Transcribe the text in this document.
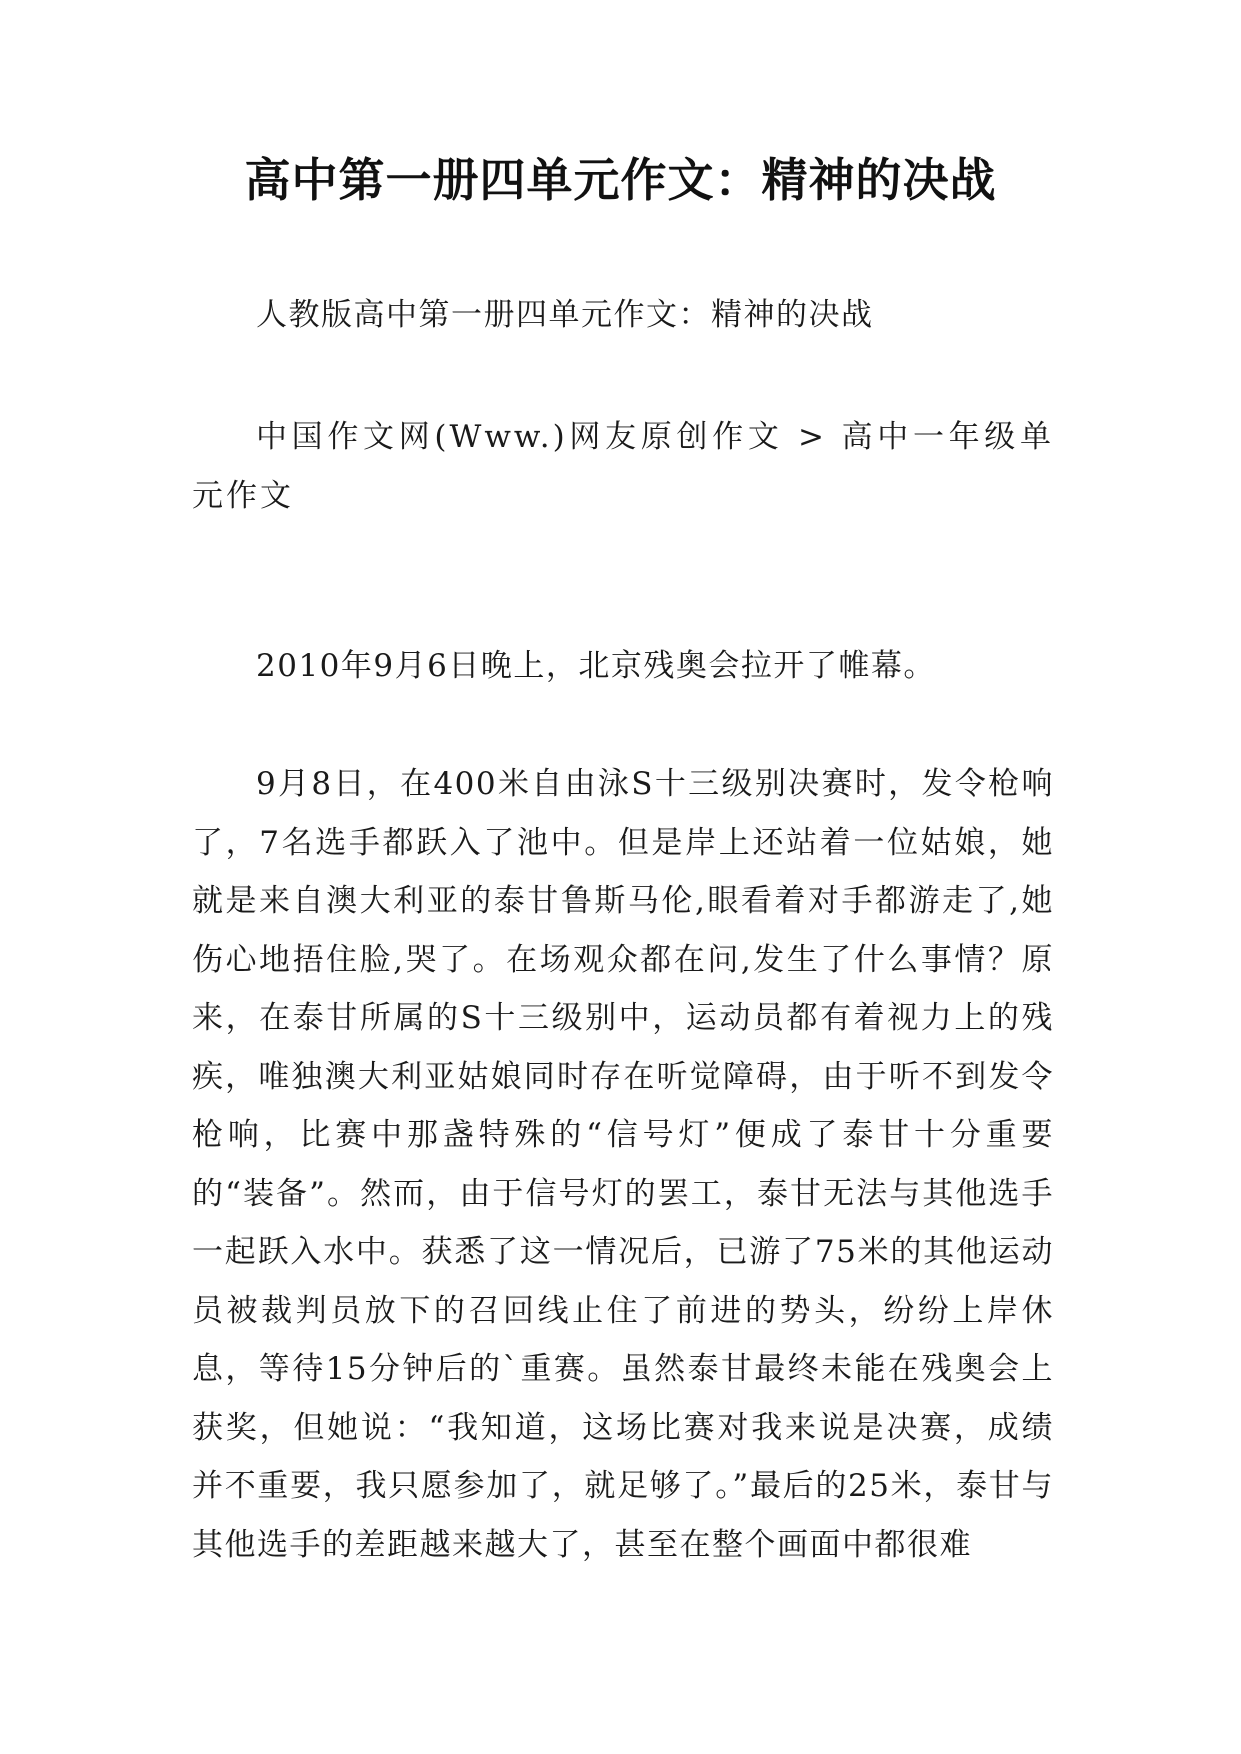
高中第一册四单元作文：精神的决战

人教版高中第一册四单元作文：精神的决战

中国作文网(Www.)网友原创作文 > 高中一年级单元作文

2010年9月6日晚上，北京残奥会拉开了帷幕。

9月8日，在400米自由泳S十三级别决赛时，发令枪响了，7名选手都跃入了池中。但是岸上还站着一位姑娘，她就是来自澳大利亚的泰甘鲁斯马伦,眼看着对手都游走了,她伤心地捂住脸,哭了。在场观众都在问,发生了什么事情？原来，在泰甘所属的S十三级别中，运动员都有着视力上的残疾，唯独澳大利亚姑娘同时存在听觉障碍，由于听不到发令枪响，比赛中那盏特殊的“信号灯”便成了泰甘十分重要的“装备”。然而，由于信号灯的罢工，泰甘无法与其他选手一起跃入水中。获悉了这一情况后，已游了75米的其他运动员被裁判员放下的召回线止住了前进的势头，纷纷上岸休息，等待15分钟后的`重赛。虽然泰甘最终未能在残奥会上获奖，但她说：“我知道，这场比赛对我来说是决赛，成绩并不重要，我只愿参加了，就足够了。”最后的25米，泰甘与其他选手的差距越来越大了，甚至在整个画面中都很难
